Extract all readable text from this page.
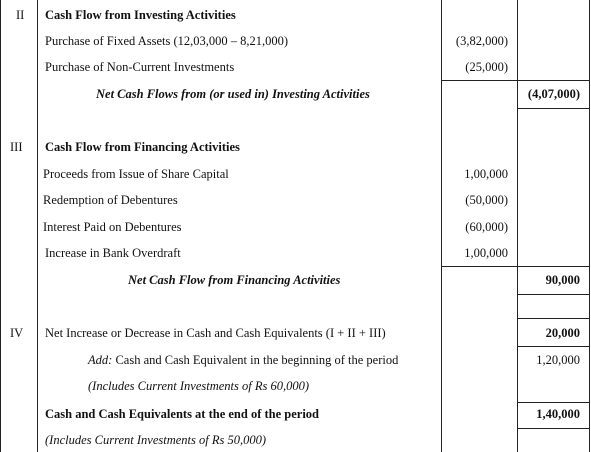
II Cash Flow from Investing Activities
Purchase of Fixed Assets (12,03,000 – 8,21,000)	(3,82,000)
Purchase of Non-Current Investments	(25,000)
Net Cash Flows from (or used in) Investing Activities	(4,07,000)
III Cash Flow from Financing Activities
Proceeds from Issue of Share Capital	1,00,000
Redemption of Debentures	(50,000)
Interest Paid on Debentures	(60,000)
Increase in Bank Overdraft	1,00,000
Net Cash Flow from Financing Activities	90,000
IV Net Increase or Decrease in Cash and Cash Equivalents (I + II + III)	20,000
Add: Cash and Cash Equivalent in the beginning of the period	1,20,000
(Includes Current Investments of Rs 60,000)
Cash and Cash Equivalents at the end of the period	1,40,000
(Includes Current Investments of Rs 50,000)
